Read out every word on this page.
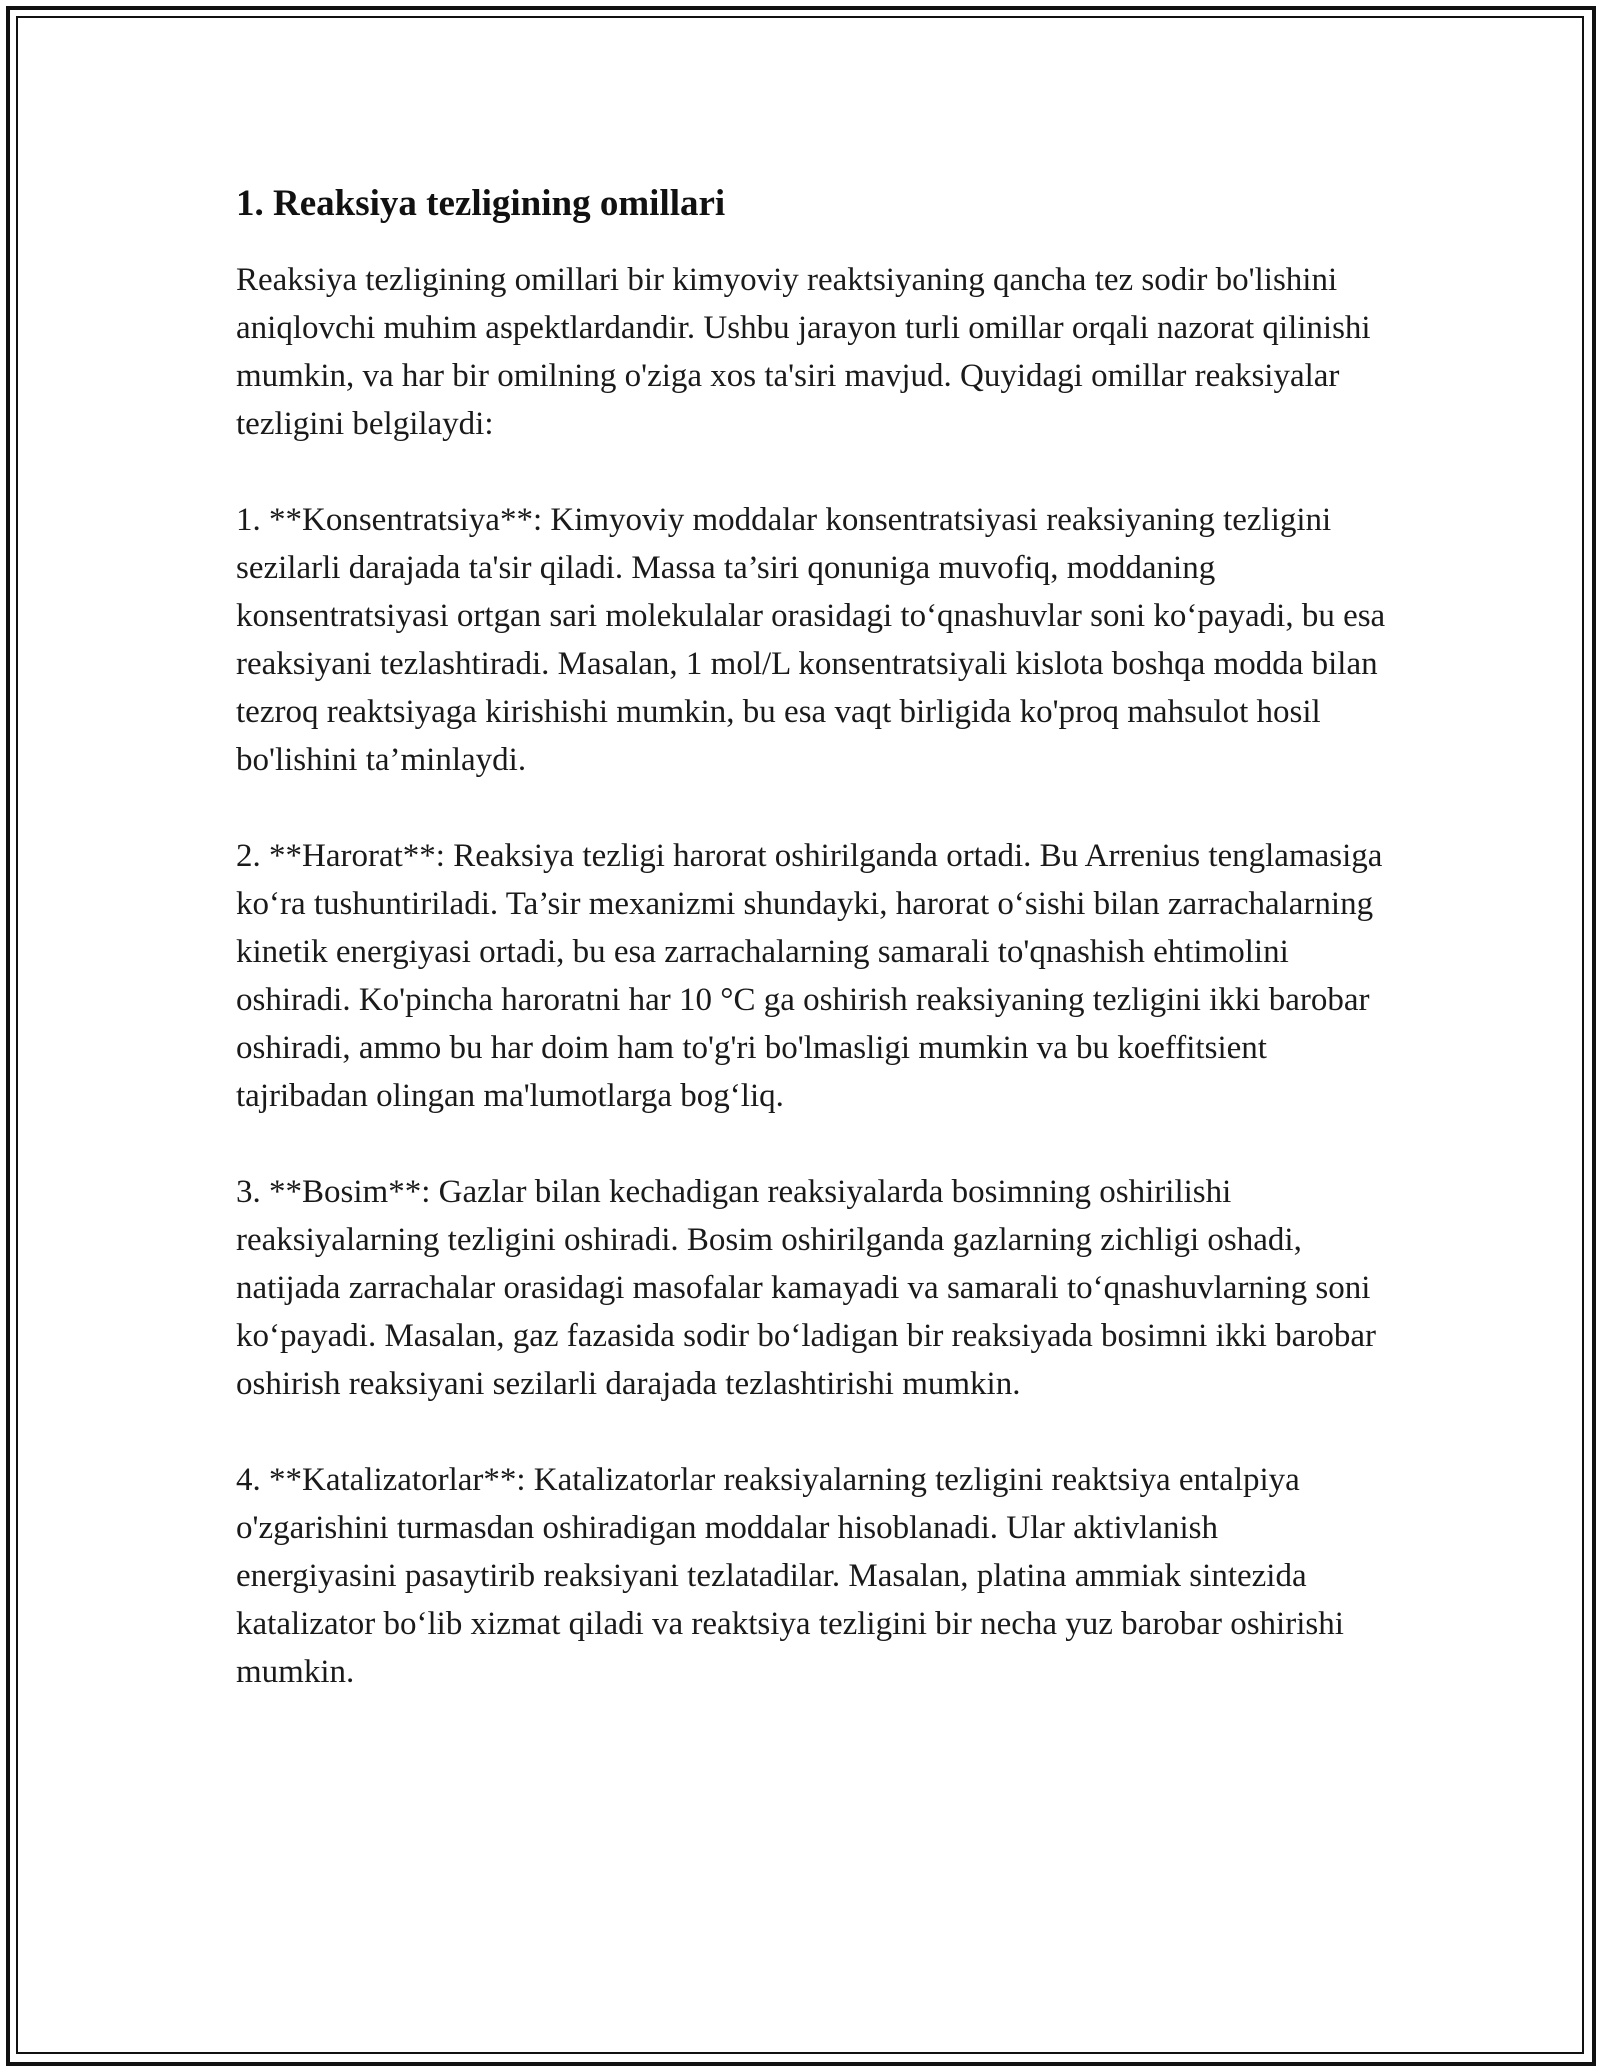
1. Reaksiya tezligining omillari

Reaksiya tezligining omillari bir kimyoviy reaktsiyaning qancha tez sodir bo'lishini aniqlovchi muhim aspektlardandir. Ushbu jarayon turli omillar orqali nazorat qilinishi mumkin, va har bir omilning o'ziga xos ta'siri mavjud. Quyidagi omillar reaksiyalar tezligini belgilaydi:

1. **Konsentratsiya**: Kimyoviy moddalar konsentratsiyasi reaksiyaning tezligini sezilarli darajada ta'sir qiladi. Massa ta’siri qonuniga muvofiq, moddaning konsentratsiyasi ortgan sari molekulalar orasidagi to‘qnashuvlar soni ko‘payadi, bu esa reaksiyani tezlashtiradi. Masalan, 1 mol/L konsentratsiyali kislota boshqa modda bilan tezroq reaktsiyaga kirishishi mumkin, bu esa vaqt birligida ko'proq mahsulot hosil bo'lishini ta’minlaydi.

2. **Harorat**: Reaksiya tezligi harorat oshirilganda ortadi. Bu Arrenius tenglamasiga ko‘ra tushuntiriladi. Ta’sir mexanizmi shundayki, harorat o‘sishi bilan zarrachalarning kinetik energiyasi ortadi, bu esa zarrachalarning samarali to'qnashish ehtimolini oshiradi. Ko'pincha haroratni har 10 °C ga oshirish reaksiyaning tezligini ikki barobar oshiradi, ammo bu har doim ham to'g'ri bo'lmasligi mumkin va bu koeffitsient tajribadan olingan ma'lumotlarga bog‘liq.

3. **Bosim**: Gazlar bilan kechadigan reaksiyalarda bosimning oshirilishi reaksiyalarning tezligini oshiradi. Bosim oshirilganda gazlarning zichligi oshadi, natijada zarrachalar orasidagi masofalar kamayadi va samarali to‘qnashuvlarning soni ko‘payadi. Masalan, gaz fazasida sodir bo‘ladigan bir reaksiyada bosimni ikki barobar oshirish reaksiyani sezilarli darajada tezlashtirishi mumkin.

4. **Katalizatorlar**: Katalizatorlar reaksiyalarning tezligini reaktsiya entalpiya o'zgarishini turmasdan oshiradigan moddalar hisoblanadi. Ular aktivlanish energiyasini pasaytirib reaksiyani tezlatadilar. Masalan, platina ammiak sintezida katalizator bo‘lib xizmat qiladi va reaktsiya tezligini bir necha yuz barobar oshirishi mumkin.
